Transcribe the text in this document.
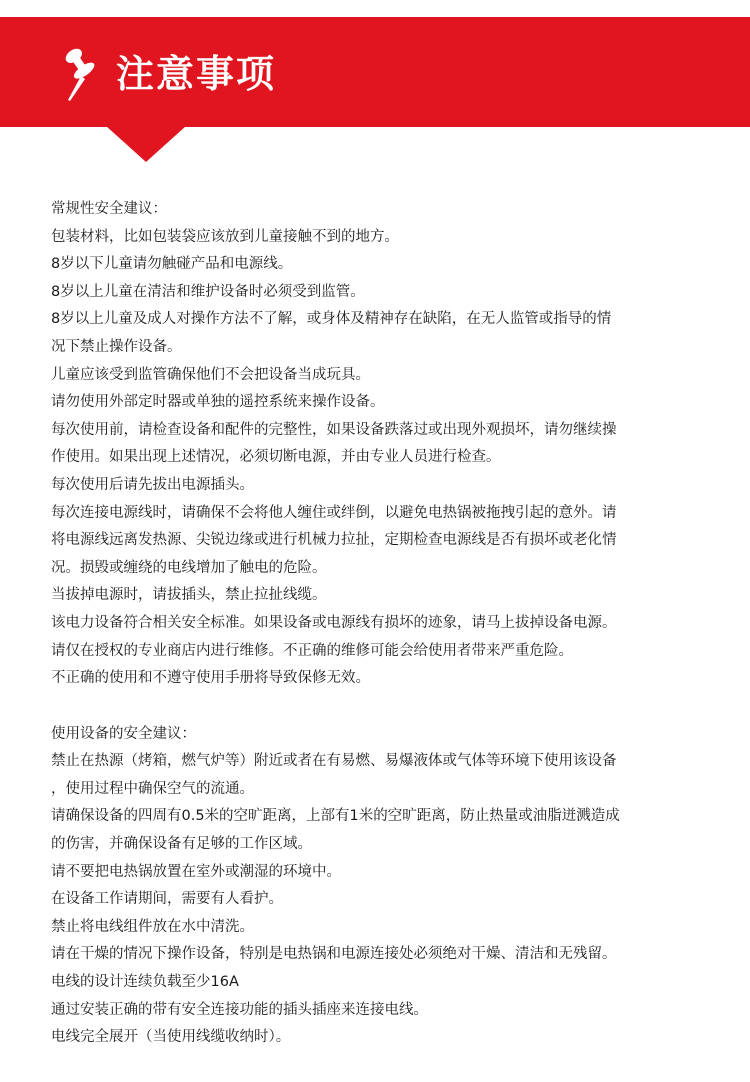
注意事项
常规性安全建议：
包装材料，比如包装袋应该放到儿童接触不到的地方。
8岁以下儿童请勿触碰产品和电源线。
8岁以上儿童在清洁和维护设备时必须受到监管。
8岁以上儿童及成人对操作方法不了解，或身体及精神存在缺陷，在无人监管或指导的情
况下禁止操作设备。
儿童应该受到监管确保他们不会把设备当成玩具。
请勿使用外部定时器或单独的遥控系统来操作设备。
每次使用前，请检查设备和配件的完整性，如果设备跌落过或出现外观损坏，请勿继续操
作使用。如果出现上述情况，必须切断电源，并由专业人员进行检查。
每次使用后请先拔出电源插头。
每次连接电源线时，请确保不会将他人缠住或绊倒，以避免电热锅被拖拽引起的意外。请
将电源线远离发热源、尖锐边缘或进行机械力拉扯，定期检查电源线是否有损坏或老化情
况。损毁或缠绕的电线增加了触电的危险。
当拔掉电源时，请拔插头，禁止拉扯线缆。
该电力设备符合相关安全标准。如果设备或电源线有损坏的迹象，请马上拔掉设备电源。
请仅在授权的专业商店内进行维修。不正确的维修可能会给使用者带来严重危险。
不正确的使用和不遵守使用手册将导致保修无效。
使用设备的安全建议：
禁止在热源（烤箱，燃气炉等）附近或者在有易燃、易爆液体或气体等环境下使用该设备
，使用过程中确保空气的流通。
请确保设备的四周有0.5米的空旷距离，上部有1米的空旷距离，防止热量或油脂迸溅造成
的伤害，并确保设备有足够的工作区域。
请不要把电热锅放置在室外或潮湿的环境中。
在设备工作请期间，需要有人看护。
禁止将电线组件放在水中清洗。
请在干燥的情况下操作设备，特别是电热锅和电源连接处必须绝对干燥、清洁和无残留。
电线的设计连续负载至少16A
通过安装正确的带有安全连接功能的插头插座来连接电线。
电线完全展开（当使用线缆收纳时）。
